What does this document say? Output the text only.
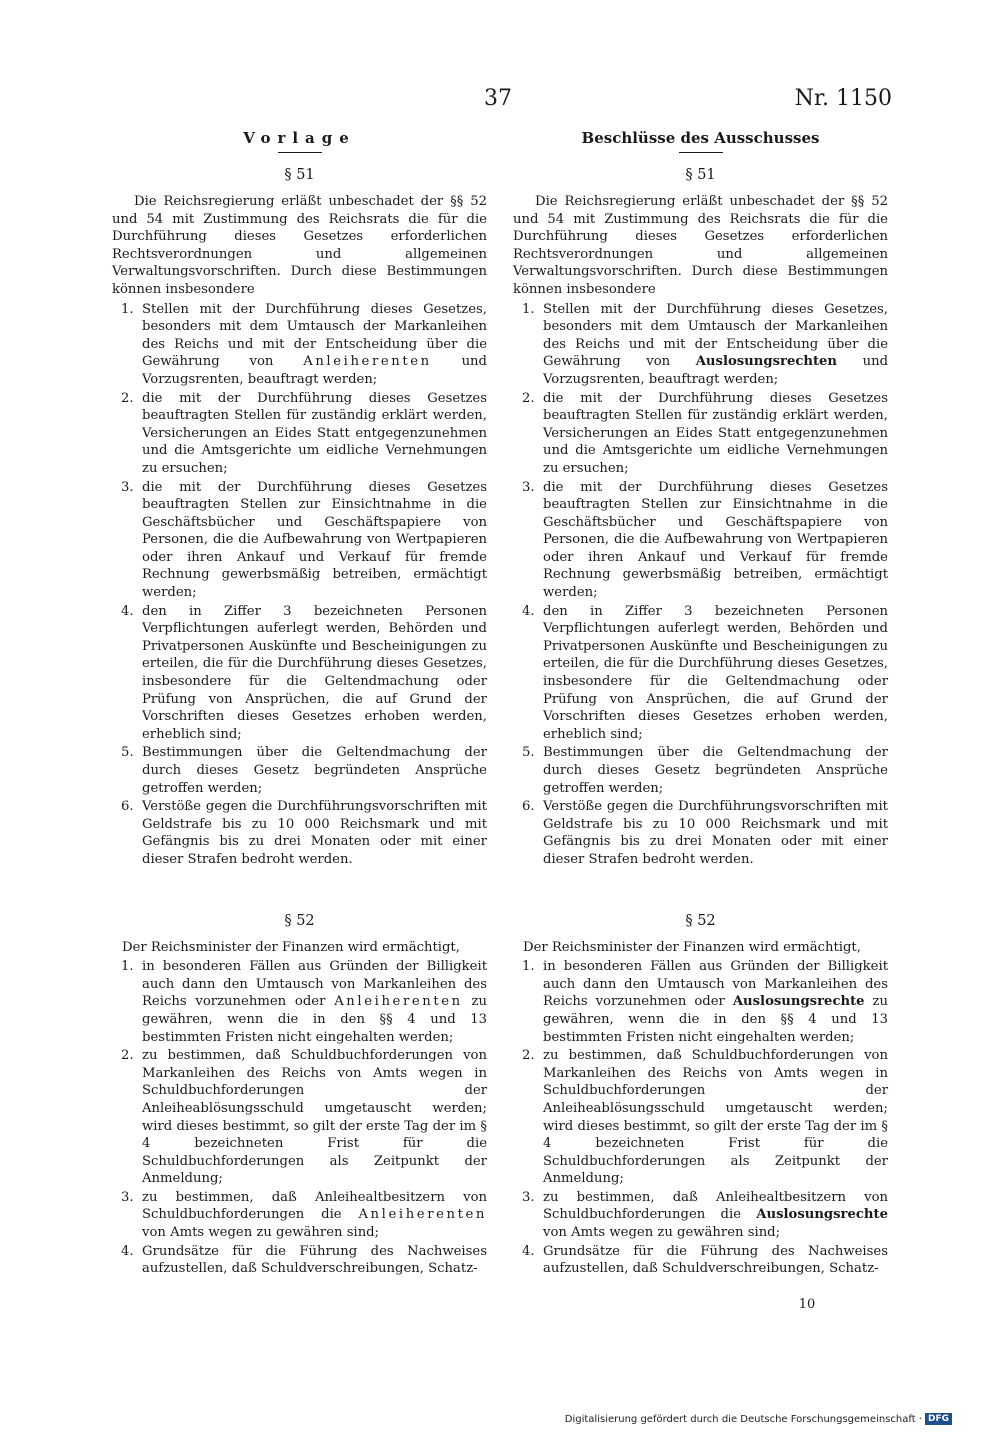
37	Nr. 1150
Vorlage
§ 51

Die Reichsregierung erläßt unbeschadet der §§ 52 und 54 mit Zustimmung des Reichsrats die für die Durchführung dieses Gesetzes erforderlichen Rechtsverordnungen und allgemeinen Verwaltungsvorschriften. Durch diese Bestimmungen können insbesondere

1. Stellen mit der Durchführung dieses Gesetzes, besonders mit dem Umtausch der Markanleihen des Reichs und mit der Entscheidung über die Gewährung von Anleiherenten und Vorzugsrenten, beauftragt werden;
2. die mit der Durchführung dieses Gesetzes beauftragten Stellen für zuständig erklärt werden, Versicherungen an Eides Statt entgegenzunehmen und die Amtsgerichte um eidliche Vernehmungen zu ersuchen;
3. die mit der Durchführung dieses Gesetzes beauftragten Stellen zur Einsichtnahme in die Geschäftsbücher und Geschäftspapiere von Personen, die die Aufbewahrung von Wertpapieren oder ihren Ankauf und Verkauf für fremde Rechnung gewerbsmäßig betreiben, ermächtigt werden;
4. den in Ziffer 3 bezeichneten Personen Verpflichtungen auferlegt werden, Behörden und Privatpersonen Auskünfte und Bescheinigungen zu erteilen, die für die Durchführung dieses Gesetzes, insbesondere für die Geltendmachung oder Prüfung von Ansprüchen, die auf Grund der Vorschriften dieses Gesetzes erhoben werden, erheblich sind;
5. Bestimmungen über die Geltendmachung der durch dieses Gesetz begründeten Ansprüche getroffen werden;
6. Verstöße gegen die Durchführungsvorschriften mit Geldstrafe bis zu 10 000 Reichsmark und mit Gefängnis bis zu drei Monaten oder mit einer dieser Strafen bedroht werden.
§ 52

Der Reichsminister der Finanzen wird ermächtigt,

1. in besonderen Fällen aus Gründen der Billigkeit auch dann den Umtausch von Markanleihen des Reichs vorzunehmen oder Anleiherenten zu gewähren, wenn die in den §§ 4 und 13 bestimmten Fristen nicht eingehalten werden;
2. zu bestimmen, daß Schuldbuchforderungen von Markanleihen des Reichs von Amts wegen in Schuldbuchforderungen der Anleiheablösungsschuld umgetauscht werden; wird dieses bestimmt, so gilt der erste Tag der im § 4 bezeichneten Frist für die Schuldbuchforderungen als Zeitpunkt der Anmeldung;
3. zu bestimmen, daß Anleihealtbesitzern von Schuldbuchforderungen die Anleiherenten von Amts wegen zu gewähren sind;
4. Grundsätze für die Führung des Nachweises aufzustellen, daß Schuldverschreibungen, Schatz-
Beschlüsse des Ausschusses
§ 51

Die Reichsregierung erläßt unbeschadet der §§ 52 und 54 mit Zustimmung des Reichsrats die für die Durchführung dieses Gesetzes erforderlichen Rechtsverordnungen und allgemeinen Verwaltungsvorschriften. Durch diese Bestimmungen können insbesondere

1. Stellen mit der Durchführung dieses Gesetzes, besonders mit dem Umtausch der Markanleihen des Reichs und mit der Entscheidung über die Gewährung von Auslosungsrechten und Vorzugsrenten, beauftragt werden;
2. die mit der Durchführung dieses Gesetzes beauftragten Stellen für zuständig erklärt werden, Versicherungen an Eides Statt entgegenzunehmen und die Amtsgerichte um eidliche Vernehmungen zu ersuchen;
3. die mit der Durchführung dieses Gesetzes beauftragten Stellen zur Einsichtnahme in die Geschäftsbücher und Geschäftspapiere von Personen, die die Aufbewahrung von Wertpapieren oder ihren Ankauf und Verkauf für fremde Rechnung gewerbsmäßig betreiben, ermächtigt werden;
4. den in Ziffer 3 bezeichneten Personen Verpflichtungen auferlegt werden, Behörden und Privatpersonen Auskünfte und Bescheinigungen zu erteilen, die für die Durchführung dieses Gesetzes, insbesondere für die Geltendmachung oder Prüfung von Ansprüchen, die auf Grund der Vorschriften dieses Gesetzes erhoben werden, erheblich sind;
5. Bestimmungen über die Geltendmachung der durch dieses Gesetz begründeten Ansprüche getroffen werden;
6. Verstöße gegen die Durchführungsvorschriften mit Geldstrafe bis zu 10 000 Reichsmark und mit Gefängnis bis zu drei Monaten oder mit einer dieser Strafen bedroht werden.
§ 52

Der Reichsminister der Finanzen wird ermächtigt,

1. in besonderen Fällen aus Gründen der Billigkeit auch dann den Umtausch von Markanleihen des Reichs vorzunehmen oder Auslosungsrechte zu gewähren, wenn die in den §§ 4 und 13 bestimmten Fristen nicht eingehalten werden;
2. zu bestimmen, daß Schuldbuchforderungen von Markanleihen des Reichs von Amts wegen in Schuldbuchforderungen der Anleiheablösungsschuld umgetauscht werden; wird dieses bestimmt, so gilt der erste Tag der im § 4 bezeichneten Frist für die Schuldbuchforderungen als Zeitpunkt der Anmeldung;
3. zu bestimmen, daß Anleihealtbesitzern von Schuldbuchforderungen die Auslosungsrechte von Amts wegen zu gewähren sind;
4. Grundsätze für die Führung des Nachweises aufzustellen, daß Schuldverschreibungen, Schatz-
10
Digitalisierung gefördert durch die Deutsche Forschungsgemeinschaft · DFG
